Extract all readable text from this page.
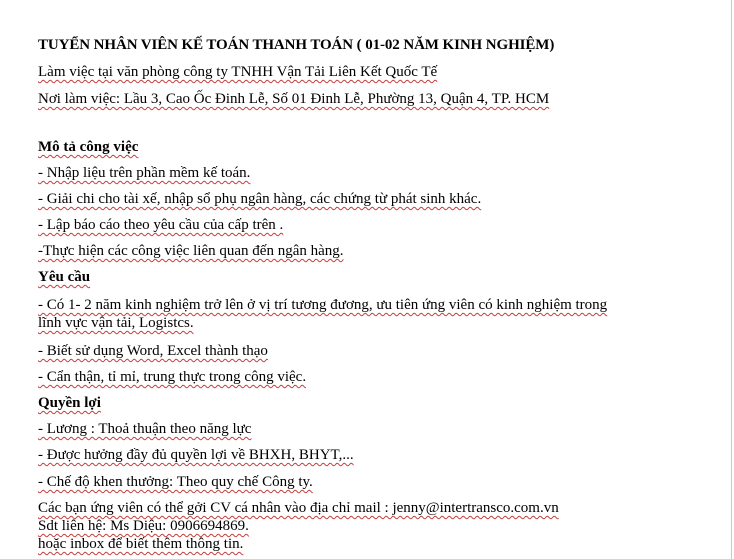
TUYỂN NHÂN VIÊN KẾ TOÁN THANH TOÁN ( 01-02 NĂM KINH NGHIỆM)
Làm việc tại văn phòng công ty TNHH Vận Tải Liên Kết Quốc Tế
Nơi làm việc: Lầu 3, Cao Ốc Đinh Lễ, Số 01 Đinh Lễ, Phường 13, Quận 4, TP. HCM
Mô tả công việc
- Nhập liệu trên phần mềm kế toán.
- Giải chi cho tài xế, nhập sổ phụ ngân hàng, các chứng từ phát sinh khác.
- Lập báo cáo theo yêu cầu của cấp trên .
-Thực hiện các công việc liên quan đến ngân hàng.
Yêu cầu
- Có 1- 2 năm kinh nghiệm trở lên ở vị trí tương đương, ưu tiên ứng viên có kinh nghiệm trong
lĩnh vực vận tải, Logistcs.
- Biết sử dụng Word, Excel thành thạo
- Cẩn thận, tỉ mỉ, trung thực trong công việc.
Quyền lợi
- Lương : Thoả thuận theo năng lực
- Được hưởng đầy đủ quyền lợi về BHXH, BHYT,...
- Chế độ khen thưởng: Theo quy chế Công ty.
Các bạn ứng viên có thể gởi CV cá nhân vào địa chỉ mail : jenny@intertransco.com.vn
Sdt liên hệ: Ms Diệu: 0906694869.
hoặc inbox để biết thêm thông tin.
